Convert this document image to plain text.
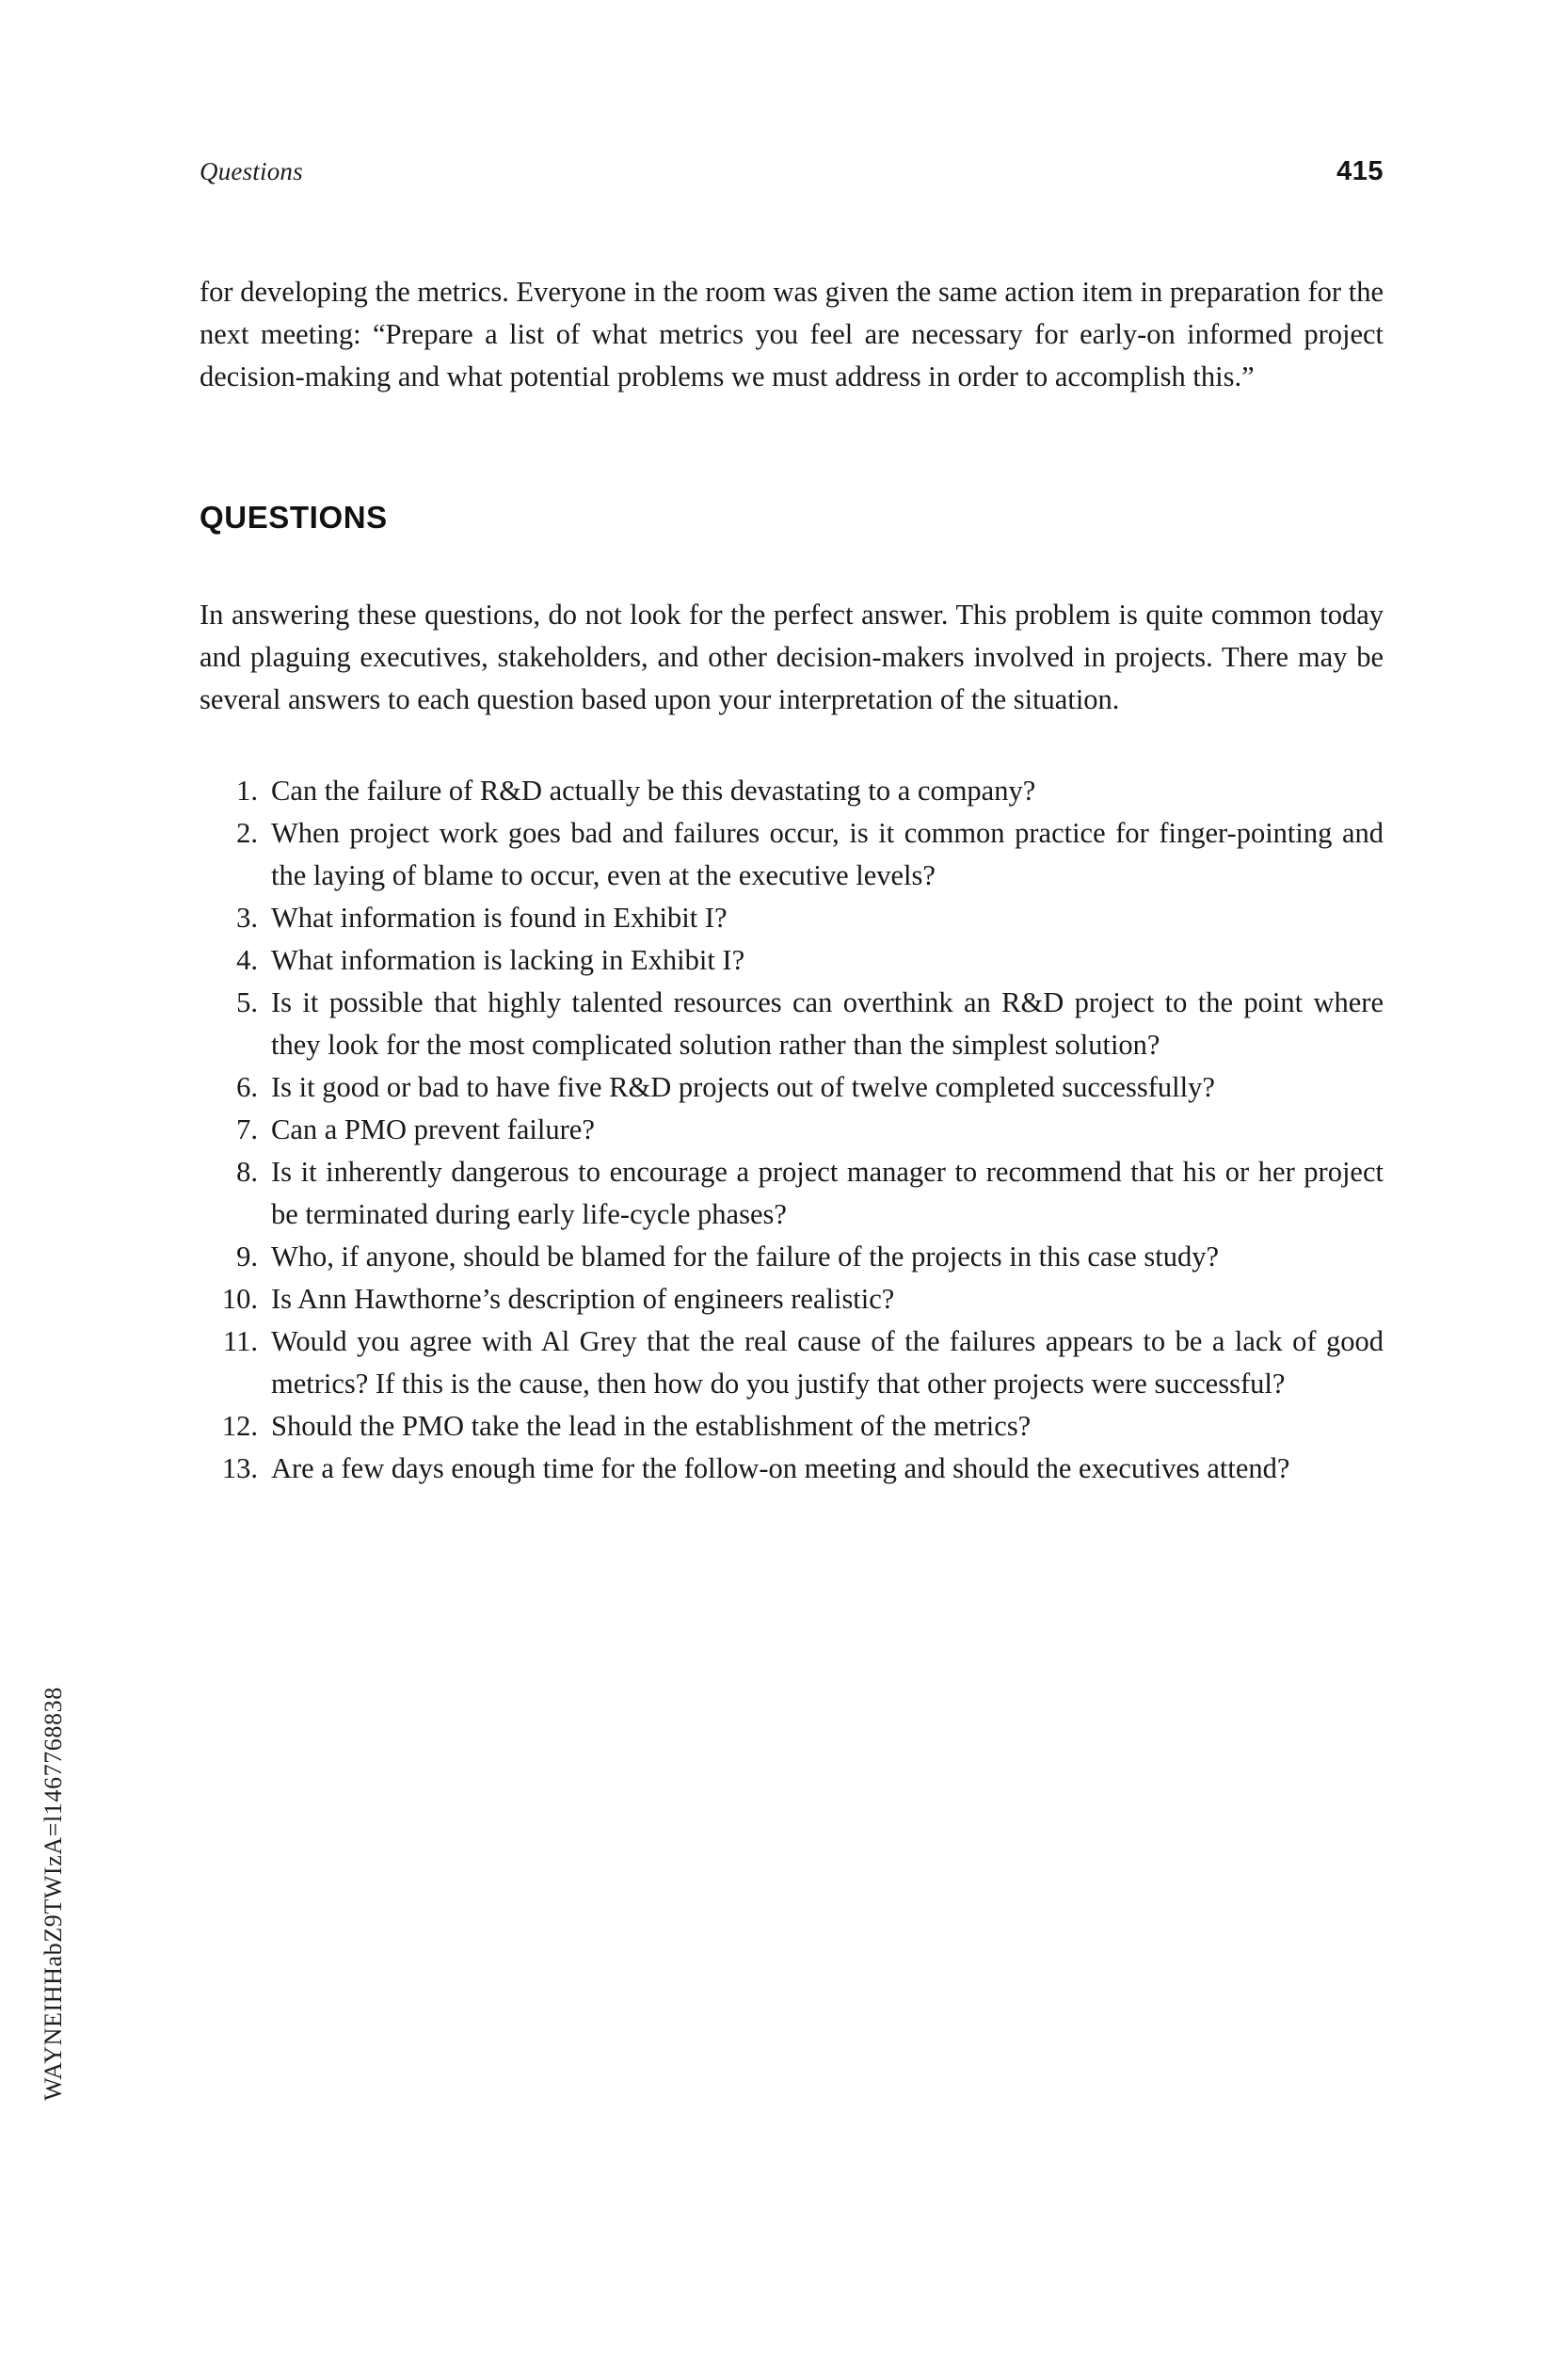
Questions	415

for developing the metrics. Everyone in the room was given the same action item in preparation for the next meeting: “Prepare a list of what metrics you feel are necessary for early-on informed project decision-making and what potential problems we must address in order to accomplish this.”

QUESTIONS

In answering these questions, do not look for the perfect answer. This problem is quite common today and plaguing executives, stakeholders, and other decision-makers involved in projects. There may be several answers to each question based upon your interpretation of the situation.

1. Can the failure of R&D actually be this devastating to a company?
2. When project work goes bad and failures occur, is it common practice for finger-pointing and the laying of blame to occur, even at the executive levels?
3. What information is found in Exhibit I?
4. What information is lacking in Exhibit I?
5. Is it possible that highly talented resources can overthink an R&D project to the point where they look for the most complicated solution rather than the simplest solution?
6. Is it good or bad to have five R&D projects out of twelve completed successfully?
7. Can a PMO prevent failure?
8. Is it inherently dangerous to encourage a project manager to recommend that his or her project be terminated during early life-cycle phases?
9. Who, if anyone, should be blamed for the failure of the projects in this case study?
10. Is Ann Hawthorne’s description of engineers realistic?
11. Would you agree with Al Grey that the real cause of the failures appears to be a lack of good metrics? If this is the cause, then how do you justify that other projects were successful?
12. Should the PMO take the lead in the establishment of the metrics?
13. Are a few days enough time for the follow-on meeting and should the executives attend?
WAYNEIHHabZ9TWIzA=l1467768838
